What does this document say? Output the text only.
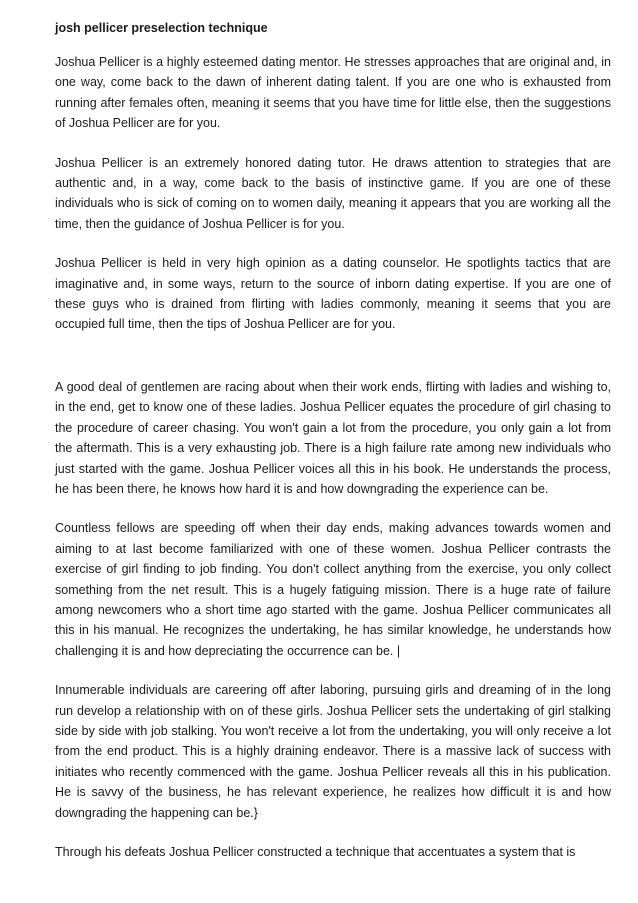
josh pellicer preselection technique

Joshua Pellicer is a highly esteemed dating mentor. He stresses approaches that are original and, in one way, come back to the dawn of inherent dating talent. If you are one who is exhausted from running after females often, meaning it seems that you have time for little else, then the suggestions of Joshua Pellicer are for you.

Joshua Pellicer is an extremely honored dating tutor. He draws attention to strategies that are authentic and, in a way, come back to the basis of instinctive game. If you are one of these individuals who is sick of coming on to women daily, meaning it appears that you are working all the time, then the guidance of Joshua Pellicer is for you.

Joshua Pellicer is held in very high opinion as a dating counselor. He spotlights tactics that are imaginative and, in some ways, return to the source of inborn dating expertise. If you are one of these guys who is drained from flirting with ladies commonly, meaning it seems that you are occupied full time, then the tips of Joshua Pellicer are for you.

A good deal of gentlemen are racing about when their work ends, flirting with ladies and wishing to, in the end, get to know one of these ladies. Joshua Pellicer equates the procedure of girl chasing to the procedure of career chasing. You won't gain a lot from the procedure, you only gain a lot from the aftermath. This is a very exhausting job. There is a high failure rate among new individuals who just started with the game. Joshua Pellicer voices all this in his book. He understands the process, he has been there, he knows how hard it is and how downgrading the experience can be.

Countless fellows are speeding off when their day ends, making advances towards women and aiming to at last become familiarized with one of these women. Joshua Pellicer contrasts the exercise of girl finding to job finding. You don't collect anything from the exercise, you only collect something from the net result. This is a hugely fatiguing mission. There is a huge rate of failure among newcomers who a short time ago started with the game. Joshua Pellicer communicates all this in his manual. He recognizes the undertaking, he has similar knowledge, he understands how challenging it is and how depreciating the occurrence can be. |

Innumerable individuals are careering off after laboring, pursuing girls and dreaming of in the long run develop a relationship with on of these girls. Joshua Pellicer sets the undertaking of girl stalking side by side with job stalking. You won't receive a lot from the undertaking, you will only receive a lot from the end product. This is a highly draining endeavor. There is a massive lack of success with initiates who recently commenced with the game. Joshua Pellicer reveals all this in his publication. He is savvy of the business, he has relevant experience, he realizes how difficult it is and how downgrading the happening can be.}

Through his defeats Joshua Pellicer constructed a technique that accentuates a system that is
